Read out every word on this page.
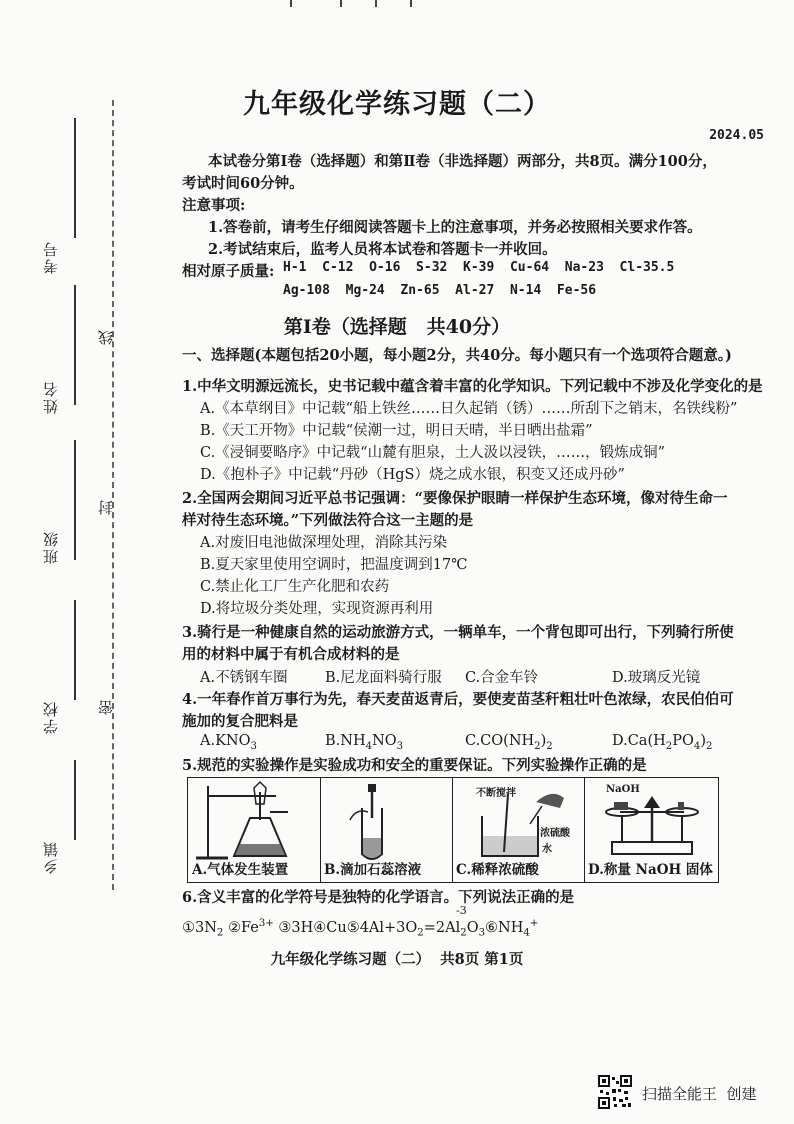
考号
姓名
班级
学校
乡镇
线
封
密
九年级化学练习题（二）
2024.05
本试卷分第Ⅰ卷（选择题）和第Ⅱ卷（非选择题）两部分，共8页。满分100分，
考试时间60分钟。
注意事项:
1.答卷前，请考生仔细阅读答题卡上的注意事项，并务必按照相关要求作答。
2.考试结束后，监考人员将本试卷和答题卡一并收回。
相对原子质量: H-1  C-12  O-16  S-32  K-39  Cu-64  Na-23  Cl-35.5
Ag-108  Mg-24  Zn-65  Al-27  N-14  Fe-56
第Ⅰ卷（选择题   共40分）
一、选择题(本题包括20小题，每小题2分，共40分。每小题只有一个选项符合题意。)
1.中华文明源远流长，史书记载中蕴含着丰富的化学知识。下列记载中不涉及化学变化的是
A.《本草纲目》中记载“船上铁丝……日久起销（锈）……所刮下之销末，名铁线粉”
B.《天工开物》中记载“侯潮一过，明日天晴，半日晒出盐霜”
C.《浸铜要略序》中记载“山麓有胆泉，土人汲以浸铁，……，锻炼成铜”
D.《抱朴子》中记载“丹砂（HgS）烧之成水银，积变又还成丹砂”
2.全国两会期间习近平总书记强调：“要像保护眼睛一样保护生态环境，像对待生命一
样对待生态环境。”下列做法符合这一主题的是
A.对废旧电池做深埋处理，消除其污染
B.夏天家里使用空调时，把温度调到17℃
C.禁止化工厂生产化肥和农药
D.将垃圾分类处理，实现资源再利用
3.骑行是一种健康自然的运动旅游方式，一辆单车，一个背包即可出行，下列骑行所使
用的材料中属于有机合成材料的是
A.不锈钢车圈	B.尼龙面料骑行服 C.合金车铃	D.玻璃反光镜
4.一年春作首万事行为先，春天麦苗返青后，要使麦苗茎秆粗壮叶色浓绿，农民伯伯可
施加的复合肥料是
$A.KNO_3$	$B.NH_4NO_3$	$C.CO(NH_2)_2$	$D.Ca(H_2PO_4)_2$
5.规范的实验操作是实验成功和安全的重要保证。下列实验操作正确的是
A.气体发生装置	B.滴加石蕊溶液
不断搅拌
浓硫酸
水
C.稀释浓硫酸
NaOH
D.称量 NaOH 固体
6.含义丰富的化学符号是独特的化学语言。下列说法正确的是
-3
$①3N_2$ $②Fe^{3+}$ $③3H④Cu⑤4Al+3O_2=2Al_2O_3⑥NH_4^+$
九年级化学练习题（二）  共8页 第1页
扫描全能王  创建
